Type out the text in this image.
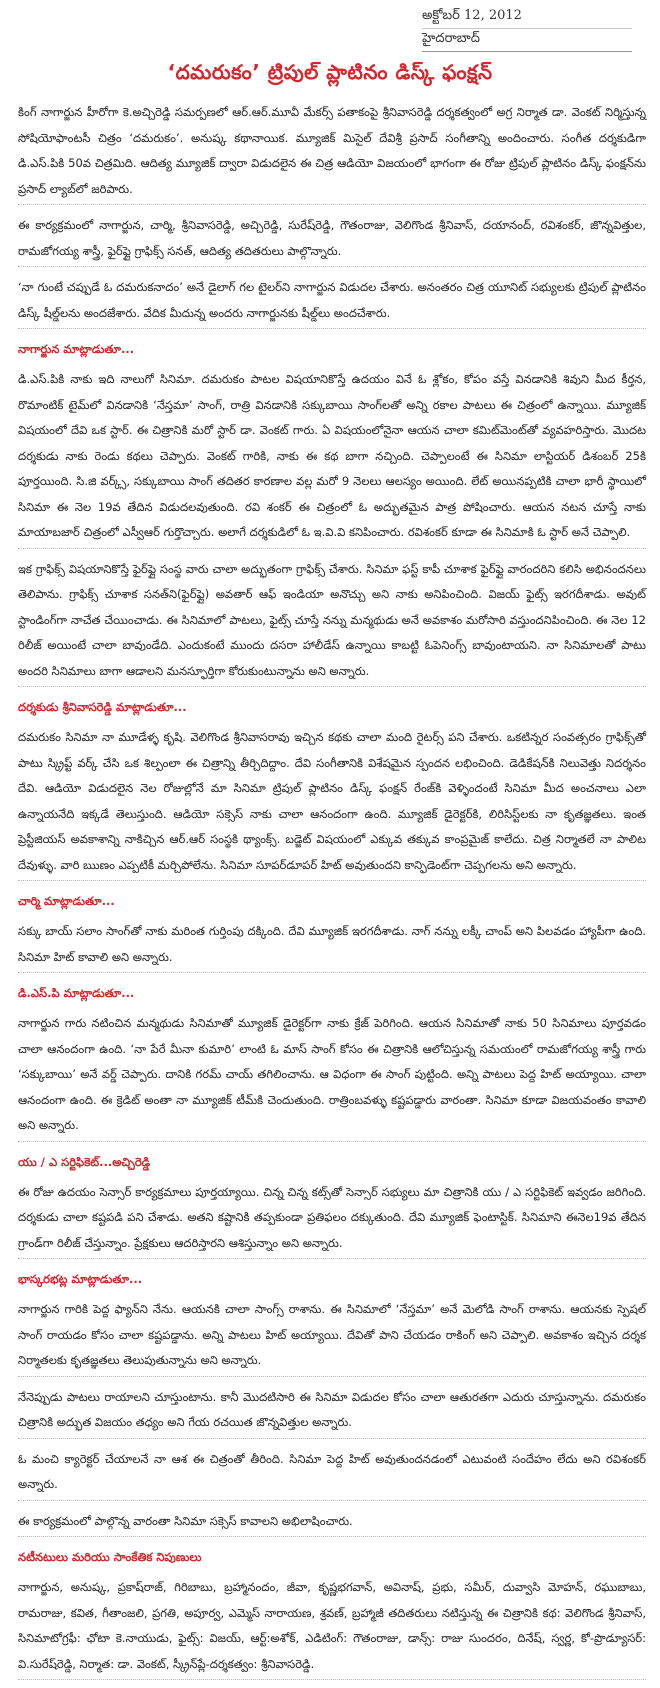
అక్టోబర్ 12, 2012
హైదరాబాద్
‘దమరుకం’ ట్రిపుల్ ప్లాటినం డిస్క్ ఫంక్షన్
కింగ్ నాగార్జున హీరోగా కె.అచ్చిరెడ్డి సమర్పణలో ఆర్.ఆర్.మూవీ మేకర్స్ పతాకంపై శ్రీనివాసరెడ్డి దర్శకత్వంలో అగ్ర నిర్మాత డా. వెంకట్ నిర్మిస్తున్న సోషియోఫాంటసీ చిత్రం ‘దమరుకం’. అనుష్క కథానాయిక. మ్యూజిక్ మిసైల్ దేవిశ్రీ ప్రసాద్ సంగీతాన్ని అందించారు. సంగీత దర్శకుడిగా డి.ఎస్.పికి 50వ చిత్రమిది. ఆదిత్య మ్యూజిక్ ద్వారా విడుదలైన ఈ చిత్ర ఆడియో విజయంలో భాగంగా ఈ రోజు ట్రిపుల్ ప్లాటినం డిస్క్ ఫంక్షన్‌ను ప్రసాద్ ల్యాబ్‌లో జరిపారు.
ఈ కార్యక్రమంలో నాగార్జున, చార్మి, శ్రీనివాసరెడ్డి, అచ్చిరెడ్డి, సురేష్‌రెడ్డి, గౌతంరాజు, వెలిగొండ శ్రీనివాస్, దయానంద్, రవిశంకర్, జొన్నవిత్తుల, రామజోగయ్య శాస్త్రీ, ఫైర్‌ఫ్లై గ్రాఫిక్స్ సనత్, ఆదిత్య తదితరులు పాల్గొన్నారు.
‘నా గుంటే చప్పుడే ఓ దమరుకనాదం’ అనే డైలాగ్ గల టైలర్‌ని నాగార్జున విడుదల చేశారు. అనంతరం చిత్ర యూనిట్ సభ్యులకు ట్రిపుల్ ప్లాటినం డిస్క్ షీల్డ్‌లను అందజేశారు. వేదిక మీదున్న అందరు నాగార్జునకు షీల్డ్‌లు అందచేశారు.
నాగార్జున మాట్లాడుతూ...
డి.ఎస్.పికి నాకు ఇది నాలుగో సినిమా. దమరుకం పాటల విషయానికొస్తే ఉదయం వినే ఓ శ్లోకం, కోపం వస్తే వినడానికి శివుని మీద కీర్తన, రొమాంటిక్ టైమ్‌లో వినడానికి ‘నేస్తమా’ సాంగ్, రాత్రి వినడానికి సక్కుబాయి సాంగ్‌లతో అన్ని రకాల పాటలు ఈ చిత్రంలో ఉన్నాయి. మ్యూజిక్ విషయంలో దేవి ఒక స్టార్. ఈ చిత్రానికి మరో స్టార్ డా. వెంకట్ గారు. ఏ విషయంలోనైనా ఆయన చాలా కమిట్‌మెంట్‌తో వ్యవహరిస్తారు. మొదట దర్శకుడు నాకు రెండు కథలు చెప్పారు. వెంకట్ గారికి, నాకు ఈ కథ బాగా నచ్చింది. చెప్పాలంటే ఈ సినిమా లాస్టియర్ డిశంబర్ 25కి పూర్తయింది. సి.జి వర్క్స్, సక్కుబాయి సాంగ్ తదితర కారణాల వల్ల మరో 9 నెలలు ఆలస్యం అయింది. లేట్ అయినప్పటికి చాలా భారీ స్థాయిలో సినిమా ఈ నెల 19వ తేదిన విడుదలవుతుంది. రవి శంకర్ ఈ చిత్రంలో ఓ అద్భుతమైన పాత్ర పోషించారు. ఆయన నటన చూస్తే నాకు మాయాబజార్ చిత్రంలో ఎస్వీఆర్ గుర్తొచ్చారు. అలాగే దర్శకుడిలో ఓ ఇ.వి.వి కనిపించారు. రవిశంకర్ కూడా ఈ సినిమాకి ఓ స్టార్ అనే చెప్పాలి.
ఇక గ్రాఫిక్స్ విషయానికొస్తే ఫైర్‌ఫ్లై సంస్థ వారు చాలా అద్భుతంగా గ్రాఫిక్స్ చేశారు. సినిమా ఫస్ట్ కాపీ చూశాక ఫైర్‌ఫ్లై వారందరిని కలిసి అభినందనలు తెలిపాను. గ్రాఫిక్స్ చూశాక సనత్‌ని(ఫైర్‌ఫ్లై) అవతార్ ఆఫ్ ఇండియా అనొచ్చు అని నాకు అనిపించింది. విజయ్ ఫైట్స్ ఇరగదీశాడు. అవుట్ స్టాండింగ్‌గా నాచేత చేయించాడు. ఈ సినిమాలో పాటలు, ఫైట్స్ చూస్తే నన్ను మన్మథుడు అనే అవకాశం మరోసారి వస్తుందనిపించింది. ఈ నెల 12 రిలీజ్ అయింటే చాలా బావుండేది. ఎందుకంటే ముందు దసరా హాలీడేస్ ఉన్నాయి కాబట్టి ఓపెనింగ్స్ బావుంటాయని. నా సినిమాలతో పాటు అందరి సినిమాలు బాగా ఆడాలని మనస్ఫూర్తిగా కోరుకుంటున్నాను అని అన్నారు.
దర్శకుడు శ్రీనివాసరెడ్డి మాట్లాడుతూ...
దమరుకం సినిమా నా మూడేళ్ళ కృషి. వెలిగొండ శ్రీనివాసరావు ఇచ్చిన కథకు చాలా మంది రైటర్స్ పని చేశారు. ఒకటిన్నర సంవత్సరం గ్రాఫిక్స్‌తో పాటు స్క్రిప్ట్ వర్క్ చేసి ఒక శిల్పంలా ఈ చిత్రాన్ని తీర్చిదిద్దాం. దేవి సంగీతానికి విశేషమైన స్పందన లభించింది. డెడికేషన్‌కి నిలువెత్తు నిదర్శనం దేవి. ఆడియో విడుదలైన నెల రోజుల్లోనే మా సినిమా ట్రిపుల్ ప్లాటినం డిస్క్ ఫంక్షన్ రేంజ్‌కి వెళ్ళిందంటే సినిమా మీద అంచనాలు ఎలా ఉన్నాయనేది ఇక్కడే తెలుస్తుంది. ఆడియో సక్సెస్ నాకు చాలా ఆనందంగా ఉంది. మ్యూజిక్ డైరెక్టర్‌కి, లిరిసిస్ట్‌లకు నా కృతజ్ఞతలు. ఇంత ప్రెస్టీజియస్ అవకాశాన్ని నాకిచ్చిన ఆర్.ఆర్ సంస్థకి థ్యాంక్స్. బడ్జెట్ విషయంలో ఎక్కువ తక్కువ కాంప్రమైజ్ కాలేదు. చిత్ర నిర్మాతలే నా పాలిట దేవుళ్ళు. వారి ఋణం ఎప్పటికీ మర్చిపోలేను. సినిమా సూపర్‌డూపర్ హిట్ అవుతుందని కాన్ఫిడెంట్‌గా చెప్పగలను అని అన్నారు.
చార్మి మాట్లాడుతూ...
సక్కు బాయ్ సలాం సాంగ్‌తో నాకు మరింత గుర్తింపు దక్కింది. దేవి మ్యూజిక్ ఇరగదీశాడు. నాగ్ నన్ను లక్కీ చాంప్ అని పిలవడం హ్యాపీగా ఉంది. సినిమా హిట్ కావాలి అని అన్నారు.
డి.ఎస్.పి మాట్లాడుతూ...
నాగార్జున గారు నటించిన మన్మథుడు సినిమాతో మ్యూజిక్ డైరెక్టర్‌గా నాకు క్రేజ్ పెరిగింది. ఆయన సినిమాతో నాకు 50 సినిమాలు పూర్తవడం చాలా ఆనందంగా ఉంది. ‘నా పేరే మీనా కుమారి’ లాంటి ఓ మాస్ సాంగ్ కోసం ఈ చిత్రానికి ఆలోచిస్తున్న సమయంలో రామజోగయ్య శాస్త్రీ గారు ‘సక్కుబాయి’ అనే వర్డ్ చెప్పారు. దానికి గరమ్ చాయ్ తగిలించాను. ఆ విధంగా ఈ సాంగ్ పుట్టింది. అన్ని పాటలు పెద్ద హిట్ అయ్యాయి. చాలా ఆనందంగా ఉంది. ఈ క్రెడిట్ అంతా నా మ్యూజిక్ టీమ్‌కి చెందుతుంది. రాత్రింబవళ్ళు కష్టపడ్డారు వారంతా. సినిమా కూడా విజయవంతం కావాలి అని అన్నారు.
యు / ఎ సర్టిఫికెట్...అచ్చిరెడ్డి
ఈ రోజు ఉదయం సెన్సార్ కార్యక్రమాలు పూర్తయ్యాయి. చిన్న చిన్న కట్స్‌తో సెన్సార్ సభ్యులు మా చిత్రానికి యు / ఎ సర్టిఫికెట్ ఇవ్వడం జరిగింది. దర్శకుడు చాలా కష్టపడి పని చేశాడు. అతని కష్టానికి తప్పకుండా ప్రతిఫలం దక్కుతుంది. దేవి మ్యూజిక్ ఫెంటాస్టిక్. సినిమాని ఈనెల19వ తేదిన గ్రాండ్‌గా రిలీజ్ చేస్తున్నాం. ప్రేక్షకులు ఆదరిస్తారని ఆశిస్తున్నాం అని అన్నారు.
భాస్కరభట్ల మాట్లాడుతూ...
నాగార్జున గారికి పెద్ద ఫ్యాన్‌ని నేను. ఆయనకి చాలా సాంగ్స్ రాశాను. ఈ సినిమాలో ‘నేస్తమా’ అనే మెలోడి సాంగ్ రాశాను. ఆయనకు స్పెషల్ సాంగ్ రాయడం కోసం చాలా కష్టపడ్డాను. అన్ని పాటలు హిట్ అయ్యాయి. దేవితో పాని చేయడం రాకింగ్ అని చెప్పాలి. అవకాశం ఇచ్చిన దర్శక నిర్మాతలకు కృతజ్ఞతలు తెలుపుతున్నాను అని అన్నారు.
నేనెప్పుడు పాటలు రాయాలని చూస్తుంటాను. కానీ మొదటిసారి ఈ సినిమా విడుదల కోసం చాలా ఆతురతగా ఎదురు చూస్తున్నాను. దమరుకం చిత్రానికి అద్భుత విజయం తధ్యం అని గేయ రచయిత జొన్నవిత్తుల అన్నారు.
ఓ మంచి క్యారెక్టర్ చేయాలనే నా ఆశ ఈ చిత్రంతో తీరింది. సినిమా పెద్ద హిట్ అవుతుందనడంలో ఎటువంటి సందేహం లేదు అని రవిశంకర్ అన్నారు.
ఈ కార్యక్రమంలో పాల్గొన్న వారంతా సినిమా సక్సెస్ కావాలని అభిలాషించారు.
నటీనటులు మరియు సాంకేతిక నిపుణులు
నాగార్జున, అనుష్క, ప్రకాష్‌రాజ్, గిరిబాబు, బ్రహ్మానందం, జీవా, కృష్ణభగవాన్, అవినాష్, ప్రభు, సమీర్, దువ్వాసి మోహన్, రఘుబాబు, రామరాజు, కవిత, గీతాంజలి, ప్రగతి, అపూర్వ, ఎమ్మెస్ నారాయణ, శ్రవణ్, బ్రహ్మాజీ తదితరులు నటిస్తున్న ఈ చిత్రానికి కథ: వెలిగొండ శ్రీనివాస్, సినిమాటోగ్రఫీ: ఛోటా కె.నాయుడు, ఫైట్స్: విజయ్, ఆర్ట్:అశోక్, ఎడిటింగ్: గౌతంరాజు, డాన్స్: రాజు సుందరం, దినేష్, స్వర్ణ, కో-ప్రొడ్యూసర్: వి.సురేష్‌రెడ్డి, నిర్మాత: డా. వెంకట్, స్క్రీన్‌ప్లే-దర్శకత్వం: శ్రీనివాసరెడ్డి.
